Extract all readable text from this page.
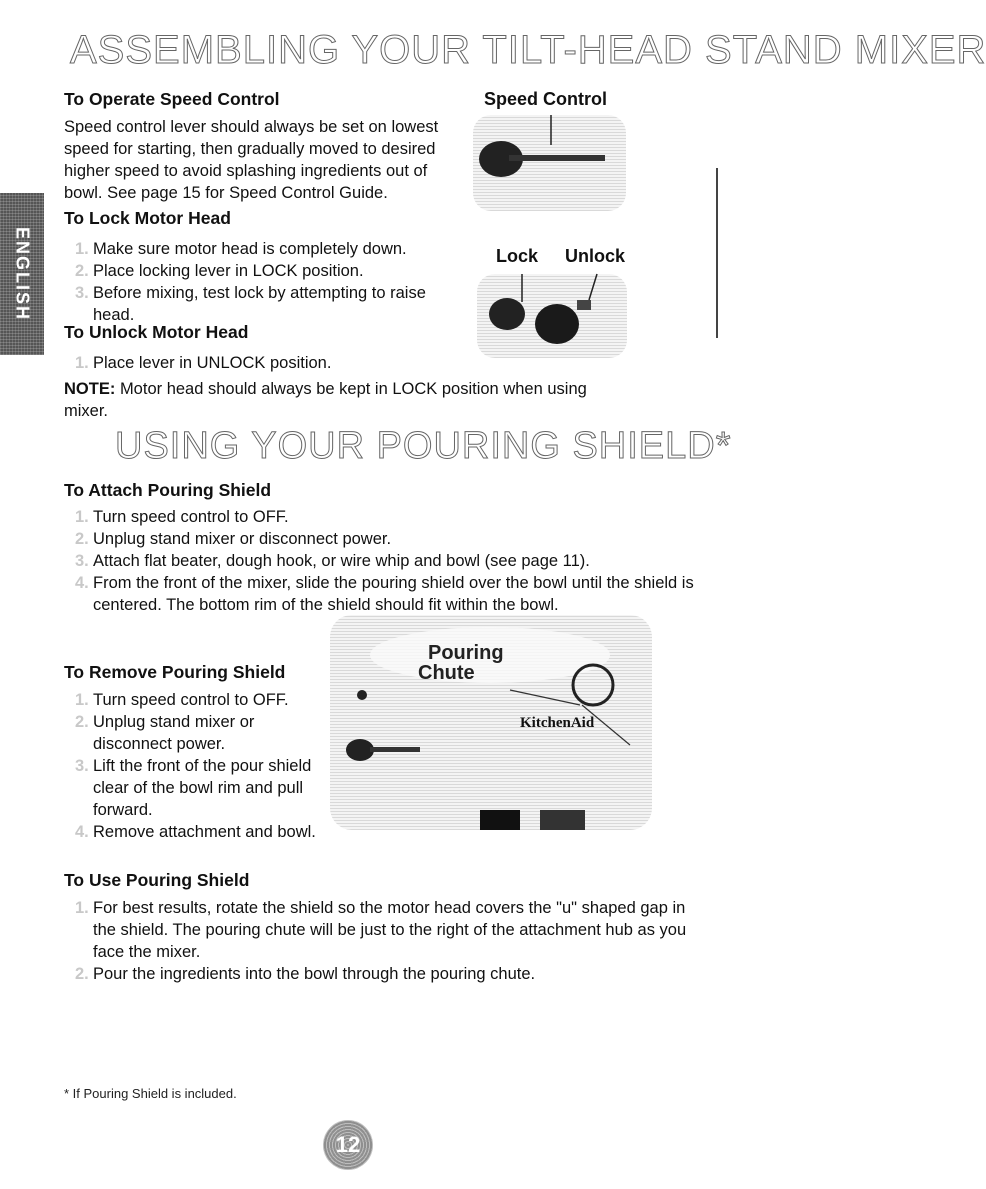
ASSEMBLING YOUR TILT-HEAD STAND MIXER
ENGLISH
To Operate Speed Control
Speed control lever should always be set on lowest speed for starting, then gradually moved to desired higher speed to avoid splashing ingredients out of bowl. See page 15 for Speed Control Guide.
Speed Control
To Lock Motor Head
1. Make sure motor head is completely down.
2. Place locking lever in LOCK position.
3. Before mixing, test lock by attempting to raise head.
Lock Unlock
To Unlock Motor Head
1. Place lever in UNLOCK position.
NOTE: Motor head should always be kept in LOCK position when using mixer.
USING YOUR POURING SHIELD*
To Attach Pouring Shield
1. Turn speed control to OFF.
2. Unplug stand mixer or disconnect power.
3. Attach flat beater, dough hook, or wire whip and bowl (see page 11).
4. From the front of the mixer, slide the pouring shield over the bowl until the shield is centered. The bottom rim of the shield should fit within the bowl.
Pouring
Chute
KitchenAid
To Remove Pouring Shield
1. Turn speed control to OFF.
2. Unplug stand mixer or disconnect power.
3. Lift the front of the pour shield clear of the bowl rim and pull forward.
4. Remove attachment and bowl.
To Use Pouring Shield
1. For best results, rotate the shield so the motor head covers the "u" shaped gap in the shield. The pouring chute will be just to the right of the attachment hub as you face the mixer.
2. Pour the ingredients into the bowl through the pouring chute.
* If Pouring Shield is included.
12
